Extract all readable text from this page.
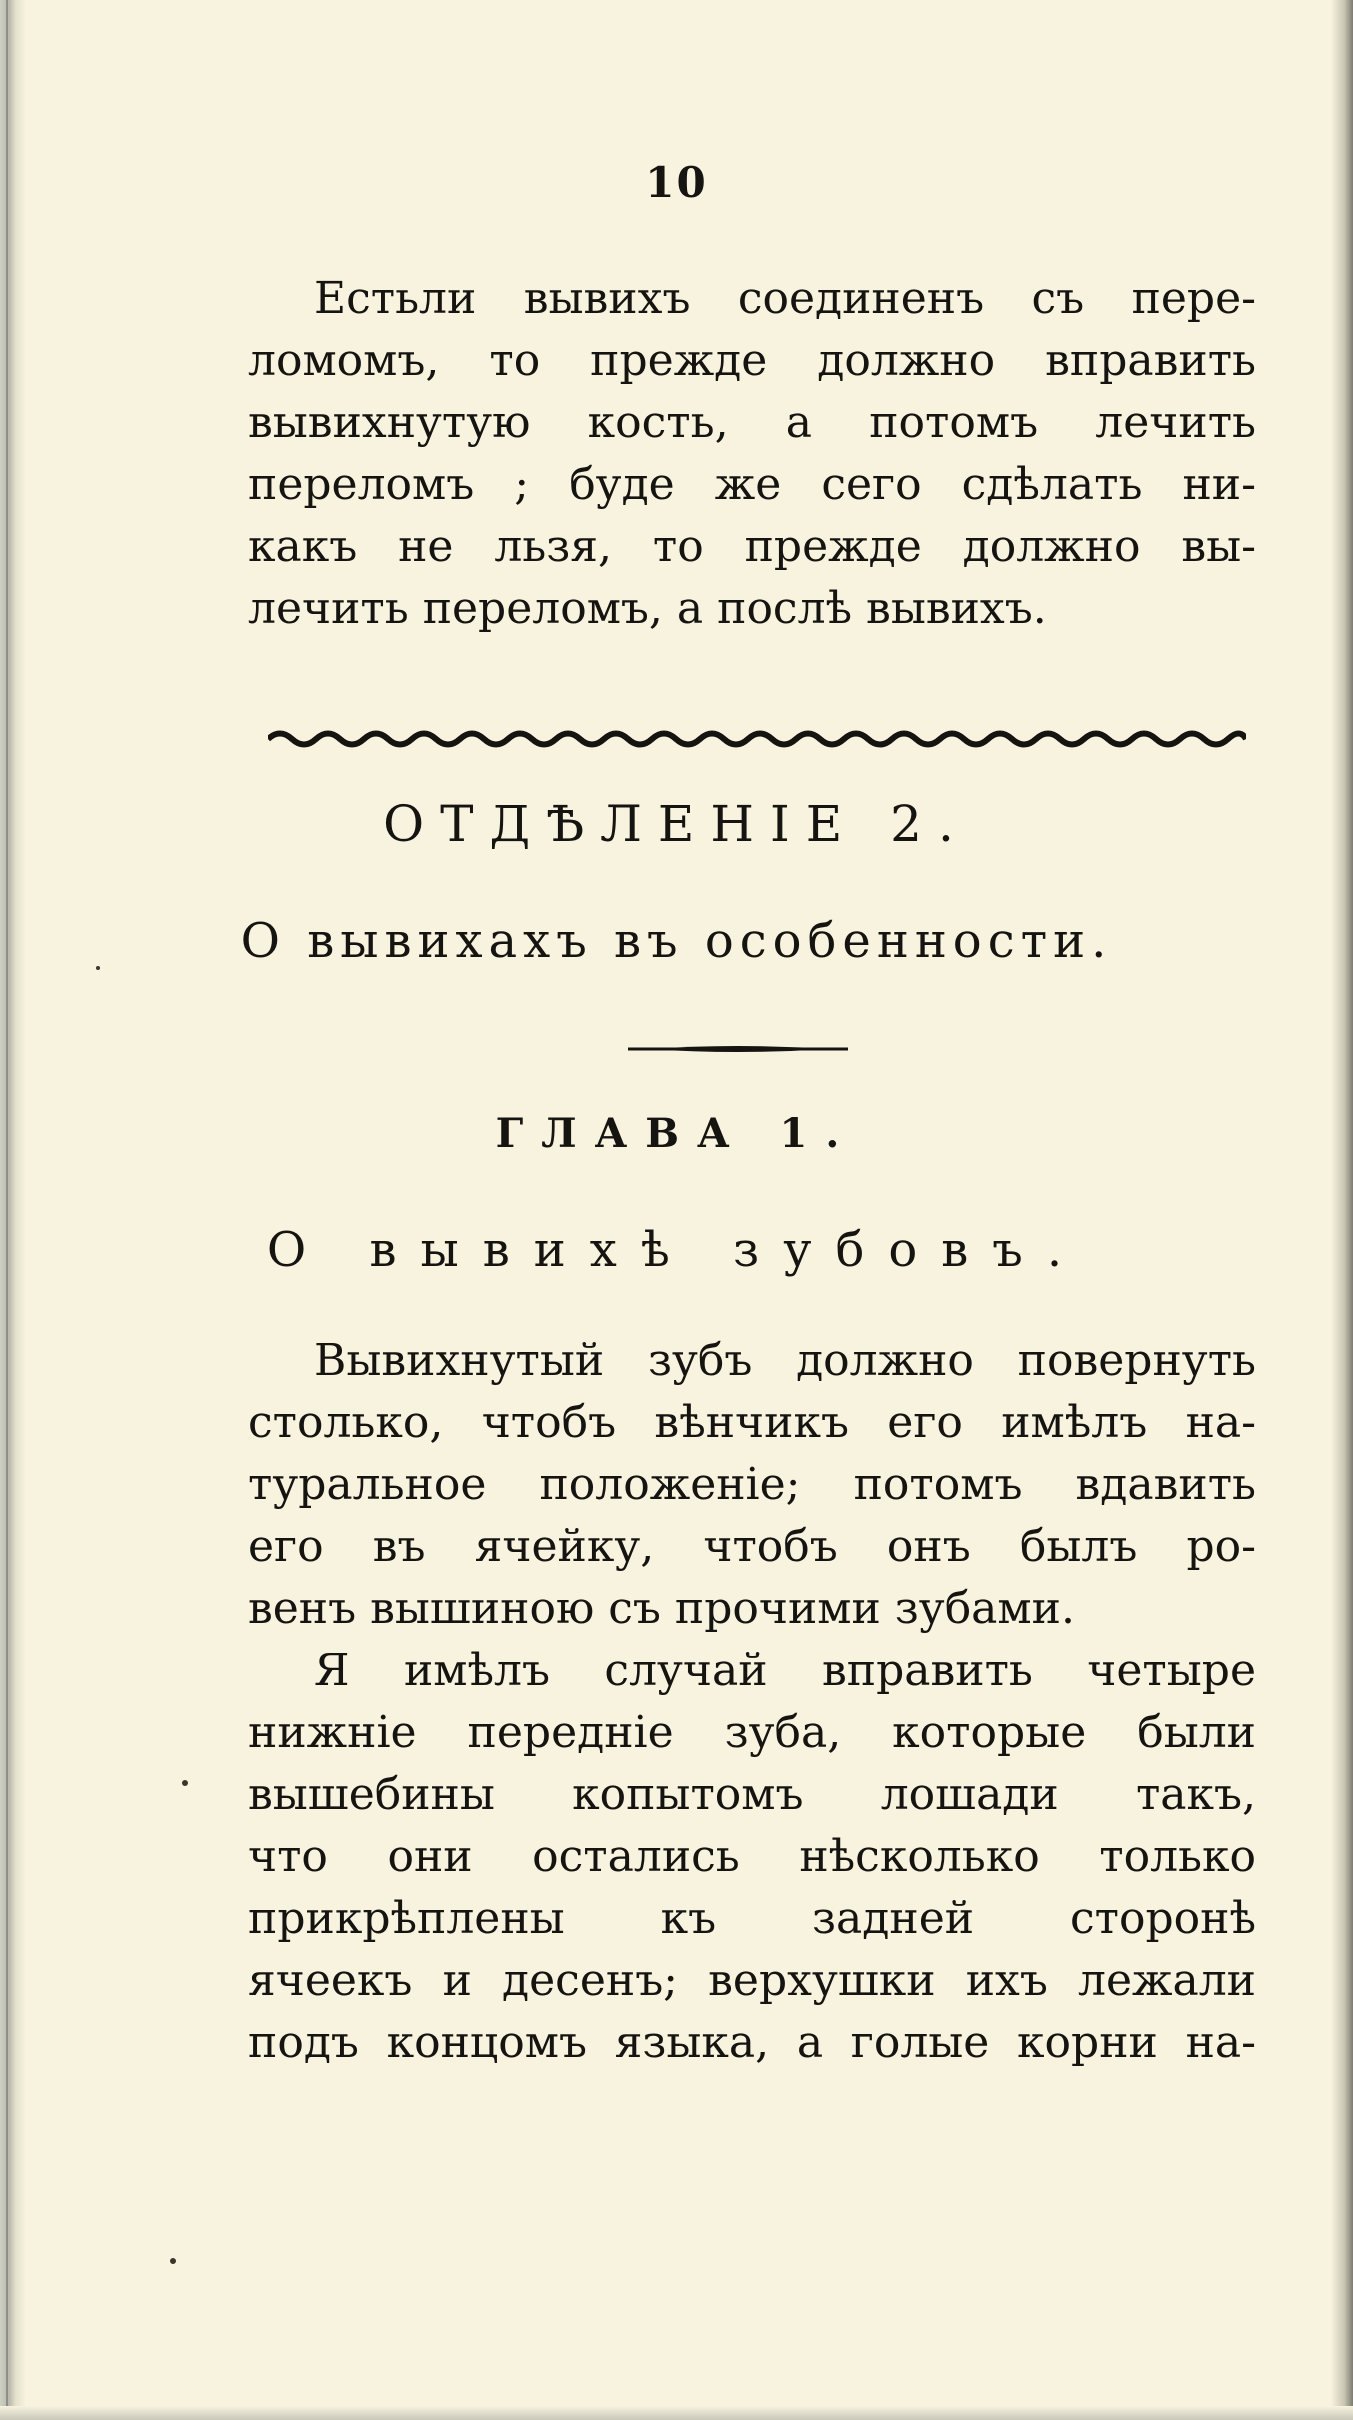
10
Естьли вывихъ соединенъ съ пере-
ломомъ, то прежде должно вправить
вывихнутую кость, а потомъ лечить
переломъ ; буде же сего сдѣлать ни-
какъ не льзя, то прежде должно вы-
лечить переломъ, а послѣ вывихъ.
ОТДѢЛЕНІЕ 2.
О вывихахъ въ особенности.
ГЛАВА 1.
О вывихѣ зубовъ.
Вывихнутый зубъ должно повернуть
столько, чтобъ вѣнчикъ его имѣлъ на-
туральное положеніе; потомъ вдавить
его въ ячейку, чтобъ онъ былъ ро-
венъ вышиною съ прочими зубами.
Я имѣлъ случай вправить четыре
нижніе передніе зуба, которые были
вышебины копытомъ лошади такъ,
что они остались нѣсколько только
прикрѣплены къ задней сторонѣ
ячеекъ и десенъ; верхушки ихъ лежали
подъ концомъ языка, а голые корни на-
